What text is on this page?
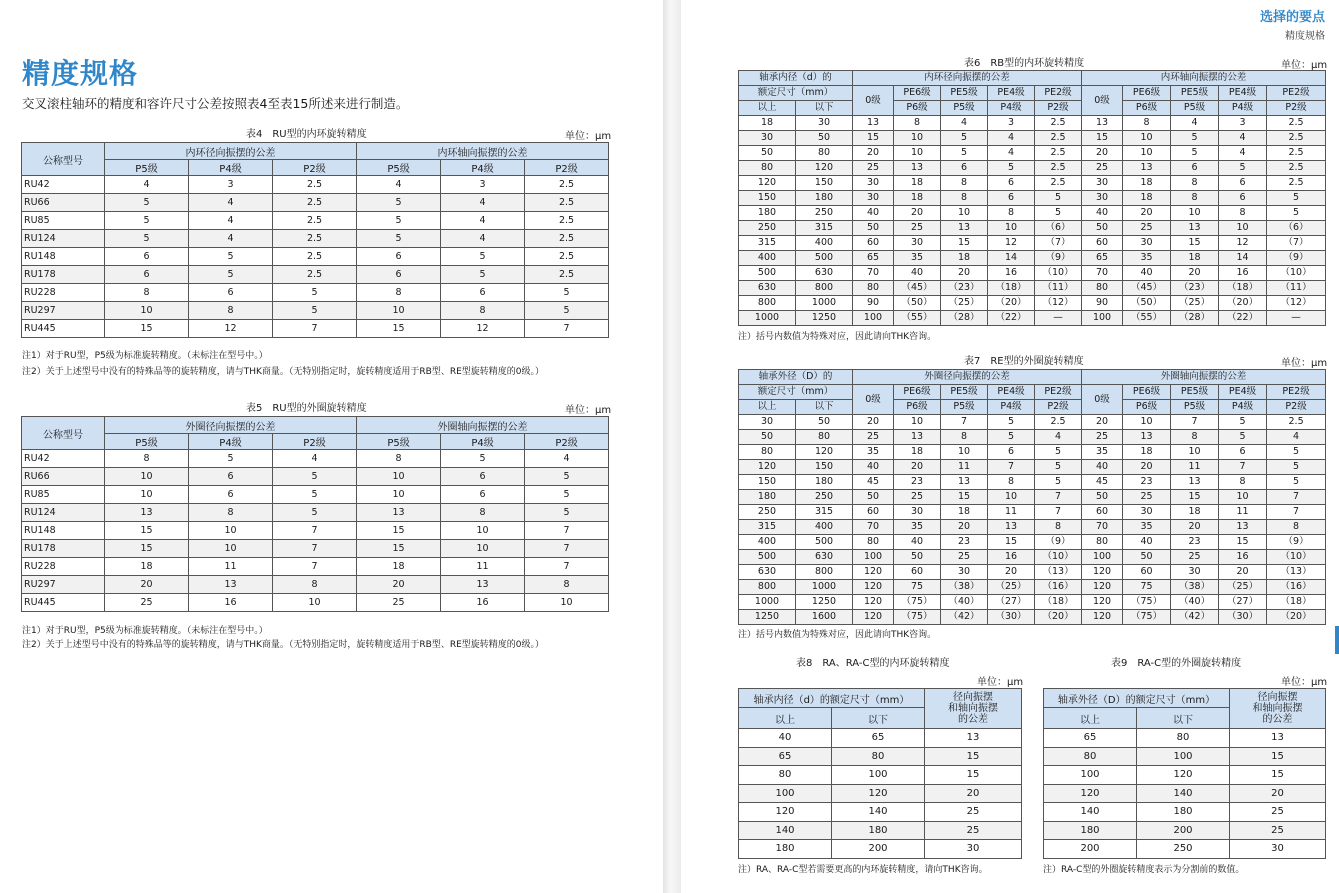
精度规格

交叉滚柱轴环的精度和容许尺寸公差按照表4至表15所述来进行制造。

表4　RU型的内环旋转精度	单位：μm
公称型号	内环径向振摆的公差			内环轴向振摆的公差		
	P5级	P4级	P2级	P5级	P4级	P2级
RU42	4	3	2.5	4	3	2.5
RU66	5	4	2.5	5	4	2.5
RU85	5	4	2.5	5	4	2.5
RU124	5	4	2.5	5	4	2.5
RU148	6	5	2.5	6	5	2.5
RU178	6	5	2.5	6	5	2.5
RU228	8	6	5	8	6	5
RU297	10	8	5	10	8	5
RU445	15	12	7	15	12	7

注1）对于RU型，P5级为标准旋转精度。（未标注在型号中。）

注2）关于上述型号中没有的特殊品等的旋转精度，请与THK商量。（无特别指定时，旋转精度适用于RB型、RE型旋转精度的0级。）

表5　RU型的外圈旋转精度	单位：μm
公称型号	外圈径向振摆的公差			外圈轴向振摆的公差		
	P5级	P4级	P2级	P5级	P4级	P2级
RU42	8	5	4	8	5	4
RU66	10	6	5	10	6	5
RU85	10	6	5	10	6	5
RU124	13	8	5	13	8	5
RU148	15	10	7	15	10	7
RU178	15	10	7	15	10	7
RU228	18	11	7	18	11	7
RU297	20	13	8	20	13	8
RU445	25	16	10	25	16	10

注1）对于RU型，P5级为标准旋转精度。（未标注在型号中。）

注2）关于上述型号中没有的特殊品等的旋转精度，请与THK商量。（无特别指定时，旋转精度适用于RB型、RE型旋转精度的0级。）

选择的要点
精度规格
表6　RB型的内环旋转精度	单位：μm
轴承内径（d）的		内环径向振摆的公差					内环轴向振摆的公差				
额定尺寸（mm）		0级	PE6级	PE5级	PE4级	PE2级	0级	PE6级	PE5级	PE4级	PE2级
以上	以下		P6级	P5级	P4级	P2级		P6级	P5级	P4级	P2级
18	30	13	8	4	3	2.5	13	8	4	3	2.5
30	50	15	10	5	4	2.5	15	10	5	4	2.5
50	80	20	10	5	4	2.5	20	10	5	4	2.5
80	120	25	13	6	5	2.5	25	13	6	5	2.5
120	150	30	18	8	6	2.5	30	18	8	6	2.5
150	180	30	18	8	6	5	30	18	8	6	5
180	250	40	20	10	8	5	40	20	10	8	5
250	315	50	25	13	10	（6）	50	25	13	10	（6）
315	400	60	30	15	12	（7）	60	30	15	12	（7）
400	500	65	35	18	14	（9）	65	35	18	14	（9）
500	630	70	40	20	16	（10）	70	40	20	16	（10）
630	800	80	（45）	（23）	（18）	（11）	80	（45）	（23）	（18）	（11）
800	1000	90	（50）	（25）	（20）	（12）	90	（50）	（25）	（20）	（12）
1000	1250	100	（55）	（28）	（22）	—	100	（55）	（28）	（22）	—

注）括号内数值为特殊对应，因此请向THK咨询。

表7　RE型的外圈旋转精度	单位：μm
轴承外径（D）的		外圈径向振摆的公差					外圈轴向振摆的公差				
额定尺寸（mm）		0级	PE6级	PE5级	PE4级	PE2级	0级	PE6级	PE5级	PE4级	PE2级
以上	以下		P6级	P5级	P4级	P2级		P6级	P5级	P4级	P2级
30	50	20	10	7	5	2.5	20	10	7	5	2.5
50	80	25	13	8	5	4	25	13	8	5	4
80	120	35	18	10	6	5	35	18	10	6	5
120	150	40	20	11	7	5	40	20	11	7	5
150	180	45	23	13	8	5	45	23	13	8	5
180	250	50	25	15	10	7	50	25	15	10	7
250	315	60	30	18	11	7	60	30	18	11	7
315	400	70	35	20	13	8	70	35	20	13	8
400	500	80	40	23	15	（9）	80	40	23	15	（9）
500	630	100	50	25	16	（10）	100	50	25	16	（10）
630	800	120	60	30	20	（13）	120	60	30	20	（13）
800	1000	120	75	（38）	（25）	（16）	120	75	（38）	（25）	（16）
1000	1250	120	（75）	（40）	（27）	（18）	120	（75）	（40）	（27）	（18）
1250	1600	120	（75）	（42）	（30）	（20）	120	（75）	（42）	（30）	（20）

注）括号内数值为特殊对应，因此请向THK咨询。

表8　RA、RA-C型的内环旋转精度
单位：μm
轴承内径（d）的额定尺寸（mm）		径向振摆
和轴向振摆
的公差
以上	以下	
40	65	13
65	80	15
80	100	15
100	120	20
120	140	25
140	180	25
180	200	30

注）RA、RA-C型若需要更高的内环旋转精度，请向THK咨询。

表9　RA-C型的外圈旋转精度
单位：μm
轴承外径（D）的额定尺寸（mm）		径向振摆
和轴向振摆
的公差
以上	以下	
65	80	13
80	100	15
100	120	15
120	140	20
140	180	25
180	200	25
200	250	30

注）RA-C型的外圈旋转精度表示为分割前的数值。
